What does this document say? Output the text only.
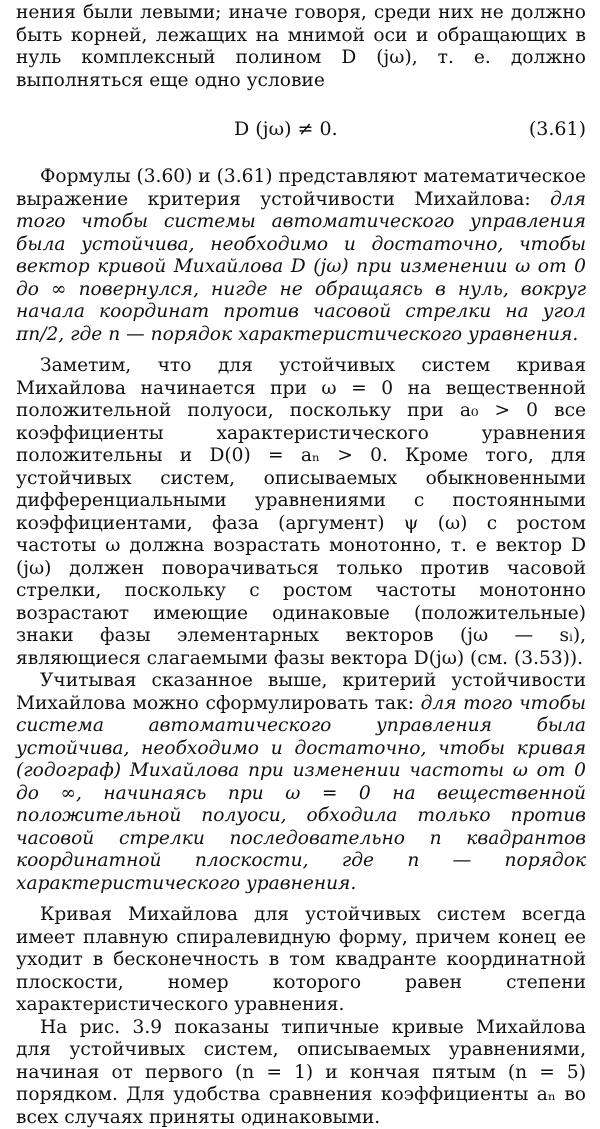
нения были левыми; иначе говоря, среди них не должно быть корней, лежащих на мнимой оси и обращающих в нуль комплексный полином D (jω), т. е. должно выполняться еще одно условие

D (jω) ≠ 0.	(3.61)

Формулы (3.60) и (3.61) представляют математическое выражение критерия устойчивости Михайлова: для того чтобы системы автоматического управления была устойчива, необходимо и достаточно, чтобы вектор кривой Михайлова D (jω) при изменении ω от 0 до ∞ повернулся, нигде не обращаясь в нуль, вокруг начала координат против часовой стрелки на угол πn/2, где n — порядок характеристического уравнения.

Заметим, что для устойчивых систем кривая Михайлова начинается при ω = 0 на вещественной положительной полуоси, поскольку при a₀ > 0 все коэффициенты характеристического уравнения положительны и D(0) = aₙ > 0. Кроме того, для устойчивых систем, описываемых обыкновенными дифференциальными уравнениями с постоянными коэффициентами, фаза (аргумент) ψ (ω) с ростом частоты ω должна возрастать монотонно, т. е вектор D (jω) должен поворачиваться только против часовой стрелки, поскольку с ростом частоты монотонно возрастают имеющие одинаковые (положительные) знаки фазы элементарных векторов (jω — sᵢ), являющиеся слагаемыми фазы вектора D(jω) (см. (3.53)).

Учитывая сказанное выше, критерий устойчивости Михайлова можно сформулировать так: для того чтобы система автоматического управления была устойчива, необходимо и достаточно, чтобы кривая (годограф) Михайлова при изменении частоты ω от 0 до ∞, начинаясь при ω = 0 на вещественной положительной полуоси, обходила только против часовой стрелки последовательно n квадрантов координатной плоскости, где n — порядок характеристического уравнения.

Кривая Михайлова для устойчивых систем всегда имеет плавную спиралевидную форму, причем конец ее уходит в бесконечность в том квадранте координатной плоскости, номер которого равен степени характеристического уравнения.

На рис. 3.9 показаны типичные кривые Михайлова для устойчивых систем, описываемых уравнениями, начиная от первого (n = 1) и кончая пятым (n = 5) порядком. Для удобства сравнения коэффициенты aₙ во всех случаях приняты одинаковыми.
